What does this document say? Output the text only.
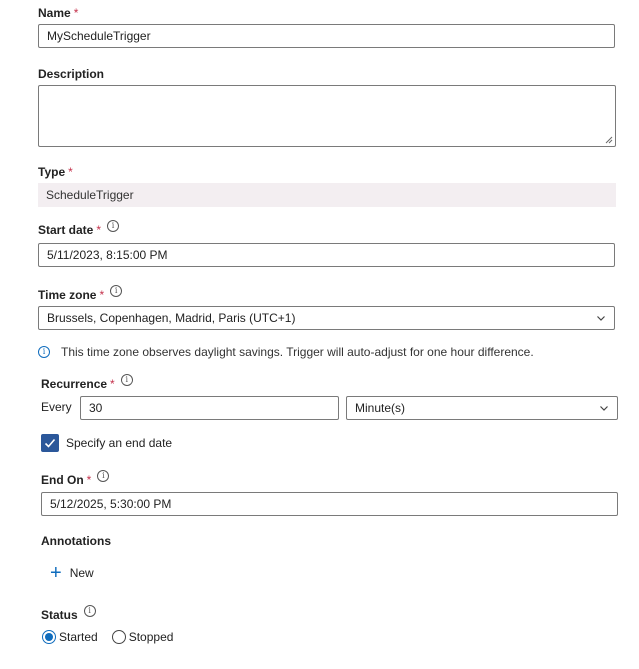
Name *
MyScheduleTrigger
Description
Type *
ScheduleTrigger
Start date *	i
5/11/2023, 8:15:00 PM
Time zone *	i
Brussels, Copenhagen, Madrid, Paris (UTC+1)
i	This time zone observes daylight savings. Trigger will auto-adjust for one hour difference.
Recurrence *	i
Every 30	Minute(s)
Specify an end date
End On *	i
5/12/2025, 5:30:00 PM
Annotations
+ New
Status	i
Started	Stopped
